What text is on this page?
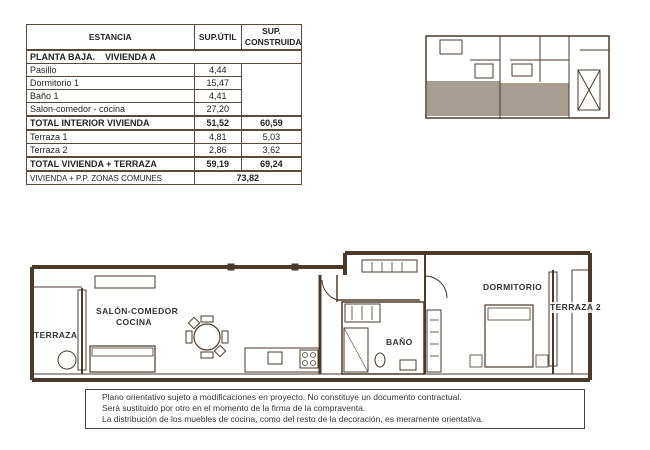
ESTANCIA	SUP.ÚTIL	SUP.
CONSTRUIDA

PLANTA BAJA.    VIVIENDA A		
Pasillo	4,44	
Dormitorio 1	15,47	
Baño 1	4,41	
Salon-comedor - cocina	27,20	
TOTAL INTERIOR VIVIENDA	51,52	60,59
Terraza 1	4,81	5,03
Terraza 2	2,86	3,62
TOTAL VIVIENDA + TERRAZA	59,19	69,24
VIVIENDA + P.P. ZONAS COMUNES	73,82	
TERRAZA
SALÓN-COMEDOR
COCINA
BAÑO
DORMITORIO
TERRAZA 2
Plano orientativo sujeto a modificaciones en proyecto. No constituye un documento contractual.
Será sustituido por otro en el momento de la firma de la compraventa.
La distribución de los muebles de cocina, como del resto de la decoración, es meramente orientativa.
